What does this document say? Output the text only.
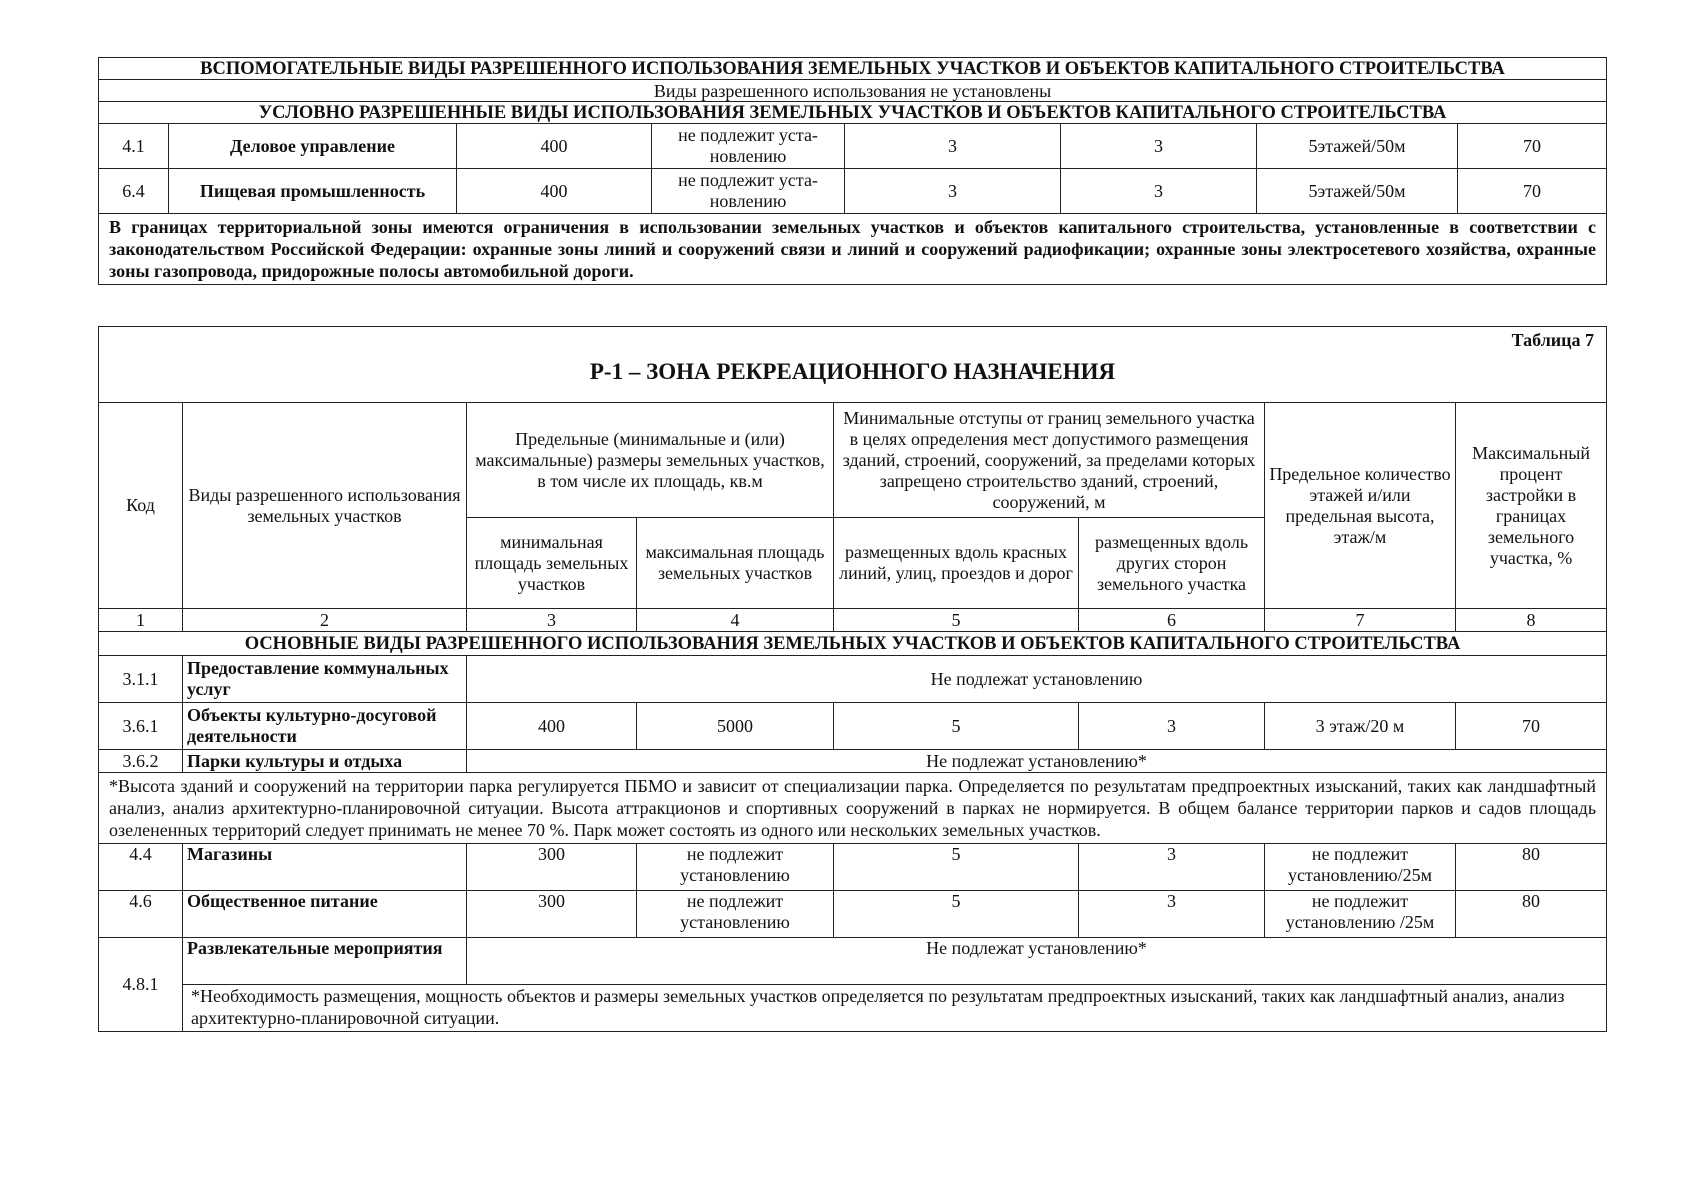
ВСПОМОГАТЕЛЬНЫЕ ВИДЫ РАЗРЕШЕННОГО ИСПОЛЬЗОВАНИЯ ЗЕМЕЛЬНЫХ УЧАСТКОВ И ОБЪЕКТОВ КАПИТАЛЬНОГО СТРОИТЕЛЬСТВА							
Виды разрешенного использования не установлены							
УСЛОВНО РАЗРЕШЕННЫЕ ВИДЫ ИСПОЛЬЗОВАНИЯ ЗЕМЕЛЬНЫХ УЧАСТКОВ И ОБЪЕКТОВ КАПИТАЛЬНОГО СТРОИТЕЛЬСТВА							
4.1	Деловое управление	400	не подлежит уста-новлению	3	3	5этажей/50м	70
6.4	Пищевая промышленность	400	не подлежит уста-новлению	3	3	5этажей/50м	70
В границах территориальной зоны имеются ограничения в использовании земельных участков и объектов капитального строительства, установленные в соответствии с законодательством Российской Федерации: охранные зоны линий и сооружений связи и линий и сооружений радиофикации; охранные зоны электросетевого хозяйства, охранные зоны газопровода, придорожные полосы автомобильной дороги.							
Таблица 7
Р-1 – ЗОНА РЕКРЕАЦИОННОГО НАЗНАЧЕНИЯ							

Код	Виды разрешенного использования земельных участков	Предельные (минимальные и (или) максимальные) размеры земельных участков, в том числе их площадь, кв.м		Минимальные отступы от границ земельного участка в целях определения мест допустимого размещения зданий, строений, сооружений, за пределами которых запрещено строительство зданий, строений, сооружений, м		Предельное количество этажей и/или предельная высота, этаж/м	Максимальный процент застройки в границах земельного участка, %
		минимальная площадь земельных участков	максимальная площадь земельных участков	размещенных вдоль красных линий, улиц, проездов и дорог	размещенных вдоль других сторон земельного участка		
1	2	3	4	5	6	7	8
ОСНОВНЫЕ ВИДЫ РАЗРЕШЕННОГО ИСПОЛЬЗОВАНИЯ ЗЕМЕЛЬНЫХ УЧАСТКОВ И ОБЪЕКТОВ КАПИТАЛЬНОГО СТРОИТЕЛЬСТВА							
3.1.1	Предоставление коммунальных услуг	Не подлежат установлению					
3.6.1	Объекты культурно-досуговой деятельности	400	5000	5	3	3 этаж/20 м	70
3.6.2	Парки культуры и отдыха	Не подлежат установлению*					
*Высота зданий и сооружений на территории парка регулируется ПБМО и зависит от специализации парка. Определяется по результатам предпроектных изысканий, таких как ландшафтный анализ, анализ архитектурно-планировочной ситуации. Высота аттракционов и спортивных сооружений в парках не нормируется. В общем балансе территории парков и садов площадь озелененных территорий следует принимать не менее 70 %. Парк может состоять из одного или нескольких земельных участков.							
4.4	Магазины	300	не подлежит установлению	5	3	не подлежит установлению/25м	80
4.6	Общественное питание	300	не подлежит установлению	5	3	не подлежит установлению /25м	80
4.8.1	Развлекательные мероприятия	Не подлежат установлению*					
	*Необходимость размещения, мощность объектов и размеры земельных участков определяется по результатам предпроектных изысканий, таких как ландшафтный анализ, анализ архитектурно-планировочной ситуации.						
